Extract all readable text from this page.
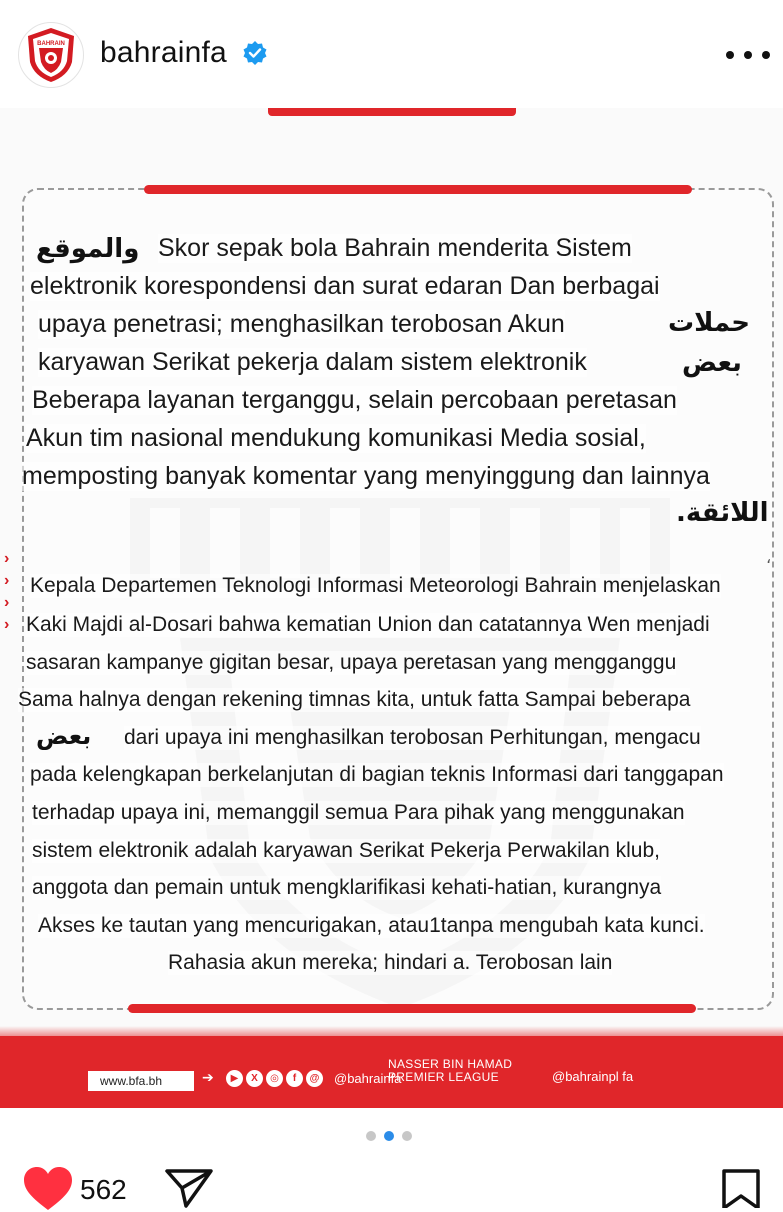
BAHRAIN bahrainfa
›
›
›
›
،
والموقع Skor sepak bola Bahrain menderita Sistem
elektronik korespondensi dan surat edaran Dan berbagai
upaya penetrasi; menghasilkan terobosan Akun	حملات
karyawan Serikat pekerja dalam sistem elektronik	بعض
Beberapa layanan terganggu, selain percobaan peretasan
Akun tim nasional mendukung komunikasi Media sosial,
memposting banyak komentar yang menyinggung dan lainnya
اللائقة.
Kepala Departemen Teknologi Informasi Meteorologi Bahrain menjelaskan
Kaki Majdi al-Dosari bahwa kematian Union dan catatannya Wen menjadi
sasaran kampanye gigitan besar, upaya peretasan yang mengganggu
Sama halnya dengan rekening timnas kita, untuk fatta Sampai beberapa
بعض dari upaya ini menghasilkan terobosan Perhitungan, mengacu
pada kelengkapan berkelanjutan di bagian teknis Informasi dari tanggapan
terhadap upaya ini, memanggil semua Para pihak yang menggunakan
sistem elektronik adalah karyawan Serikat Pekerja Perwakilan klub,
anggota dan pemain untuk mengklarifikasi kehati-hatian, kurangnya
Akses ke tautan yang mencurigakan, atau1tanpa mengubah kata kunci.
Rahasia akun mereka; hindari a. Terobosan lain
www.bfa.bh	➔	▶	X	◎	f	@ @bahrainfa
NASSER BIN HAMAD
PREMIER LEAGUE	@bahrainpl fa
562
